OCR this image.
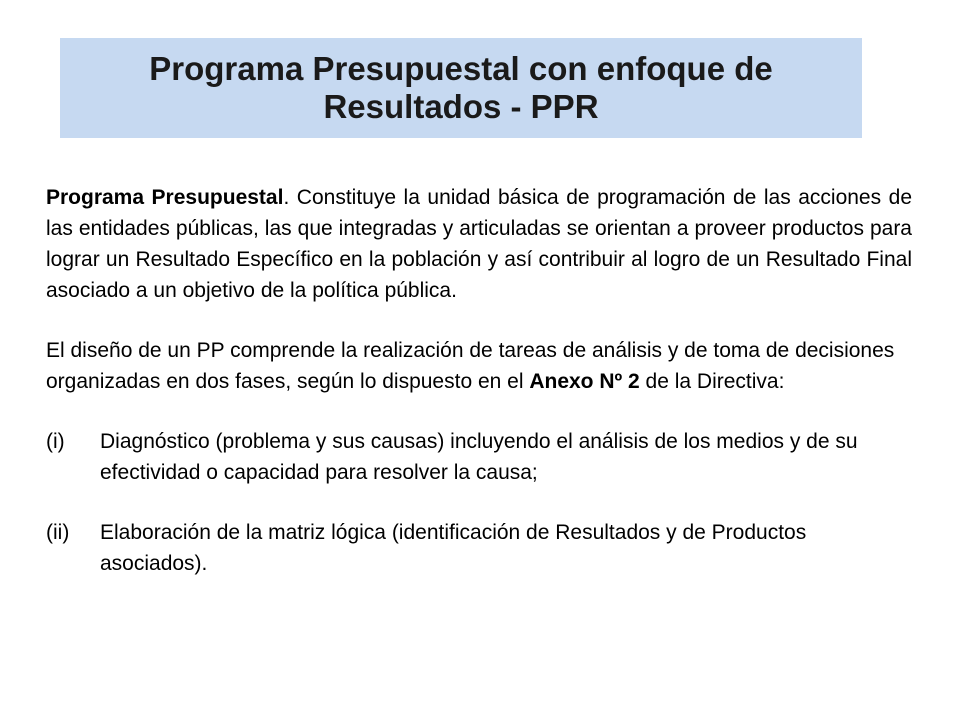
Programa Presupuestal con enfoque de Resultados - PPR

Programa Presupuestal. Constituye la unidad básica de programación de las acciones de las entidades públicas, las que integradas y articuladas se orientan a proveer productos para lograr un Resultado Específico en la población y así contribuir al logro de un Resultado Final asociado a un objetivo de la política pública.

El diseño de un PP comprende la realización de tareas de análisis y de toma de decisiones organizadas en dos fases, según lo dispuesto en el Anexo Nº 2 de la Directiva:

(i)	Diagnóstico (problema y sus causas) incluyendo el análisis de los medios y de su efectividad o capacidad para resolver la causa;
(ii)	Elaboración de la matriz lógica (identificación de Resultados y de Productos asociados).
